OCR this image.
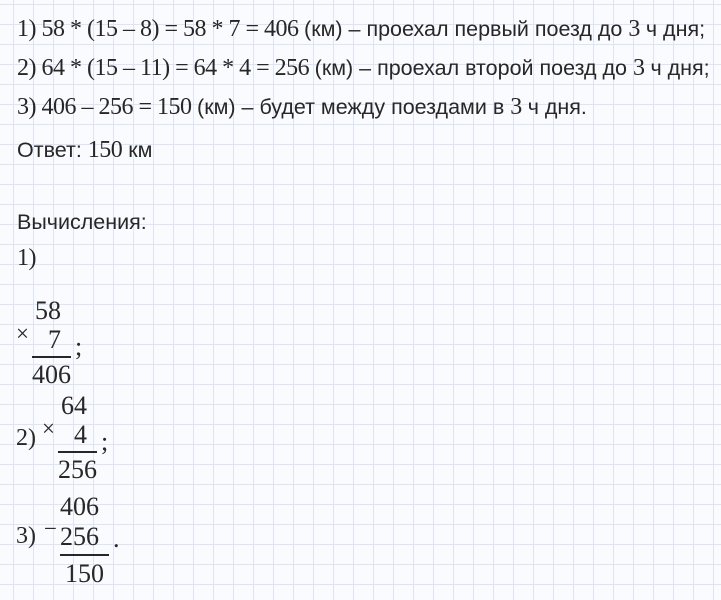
1) 58 * (15 – 8) = 58 * 7 = 406 (км) – проехал первый поезд до 3 ч дня;
2) 64 * (15 – 11) = 64 * 4 = 256 (км) – проехал второй поезд до 3 ч дня;
3) 406 – 256 = 150 (км) – будет между поездами в 3 ч дня.
Ответ: 150 км
Вычисления:
1)
×
58
7
406
;
2) ×
64
4
256
;
3) −
406
256
150
.
